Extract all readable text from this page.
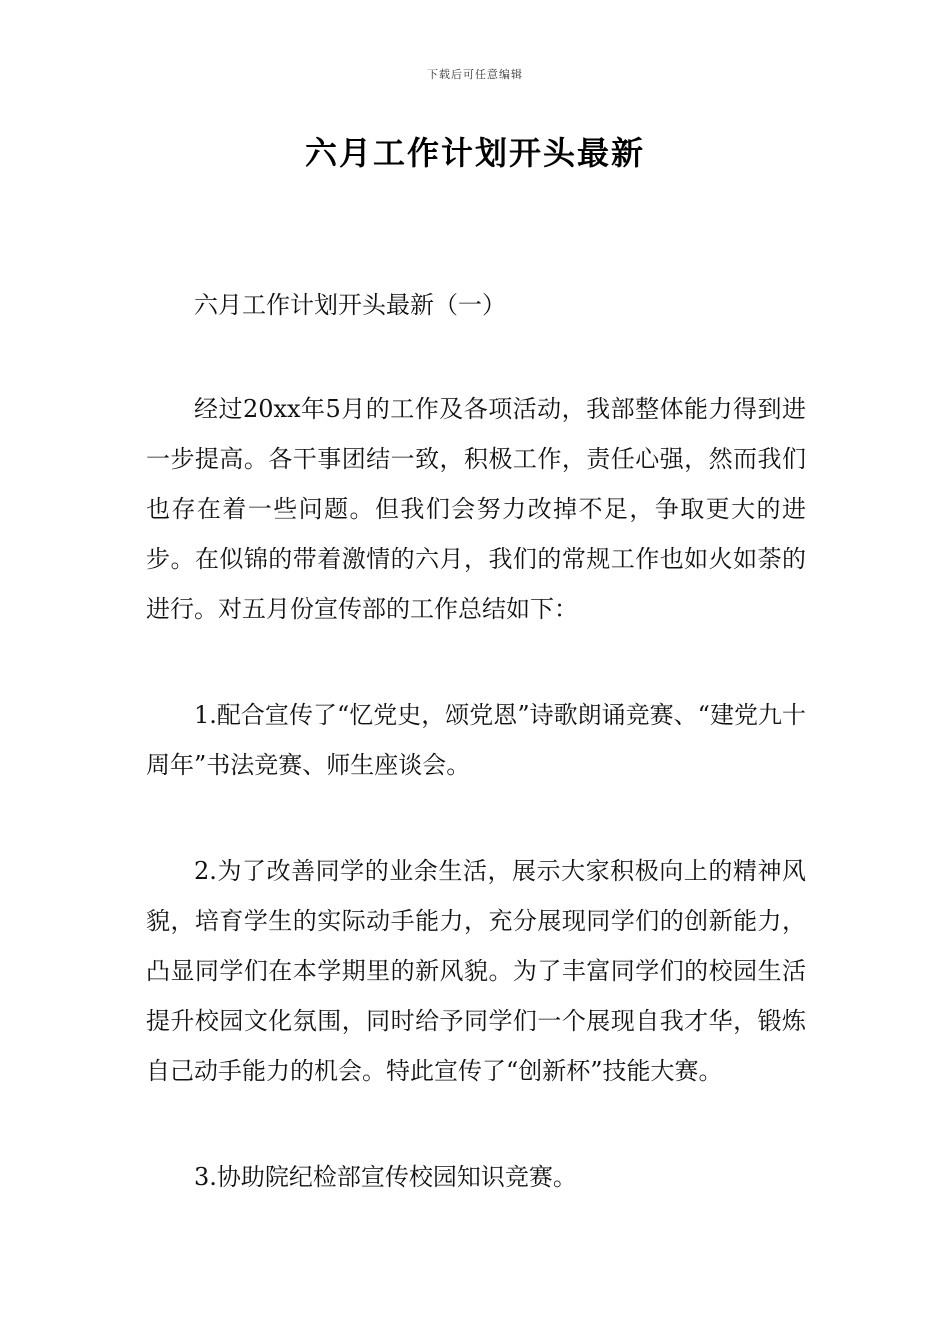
下载后可任意编辑
六月工作计划开头最新

六月工作计划开头最新（一）

经过20xx年5月的工作及各项活动，我部整体能力得到进一步提高。各干事团结一致，积极工作，责任心强，然而我们也存在着一些问题。但我们会努力改掉不足，争取更大的进步。在似锦的带着激情的六月，我们的常规工作也如火如荼的进行。对五月份宣传部的工作总结如下：

1.配合宣传了“忆党史，颂党恩”诗歌朗诵竞赛、“建党九十周年”书法竞赛、师生座谈会。

2.为了改善同学的业余生活，展示大家积极向上的精神风貌，培育学生的实际动手能力，充分展现同学们的创新能力，凸显同学们在本学期里的新风貌。为了丰富同学们的校园生活提升校园文化氛围，同时给予同学们一个展现自我才华，锻炼自己动手能力的机会。特此宣传了“创新杯”技能大赛。

3.协助院纪检部宣传校园知识竞赛。
